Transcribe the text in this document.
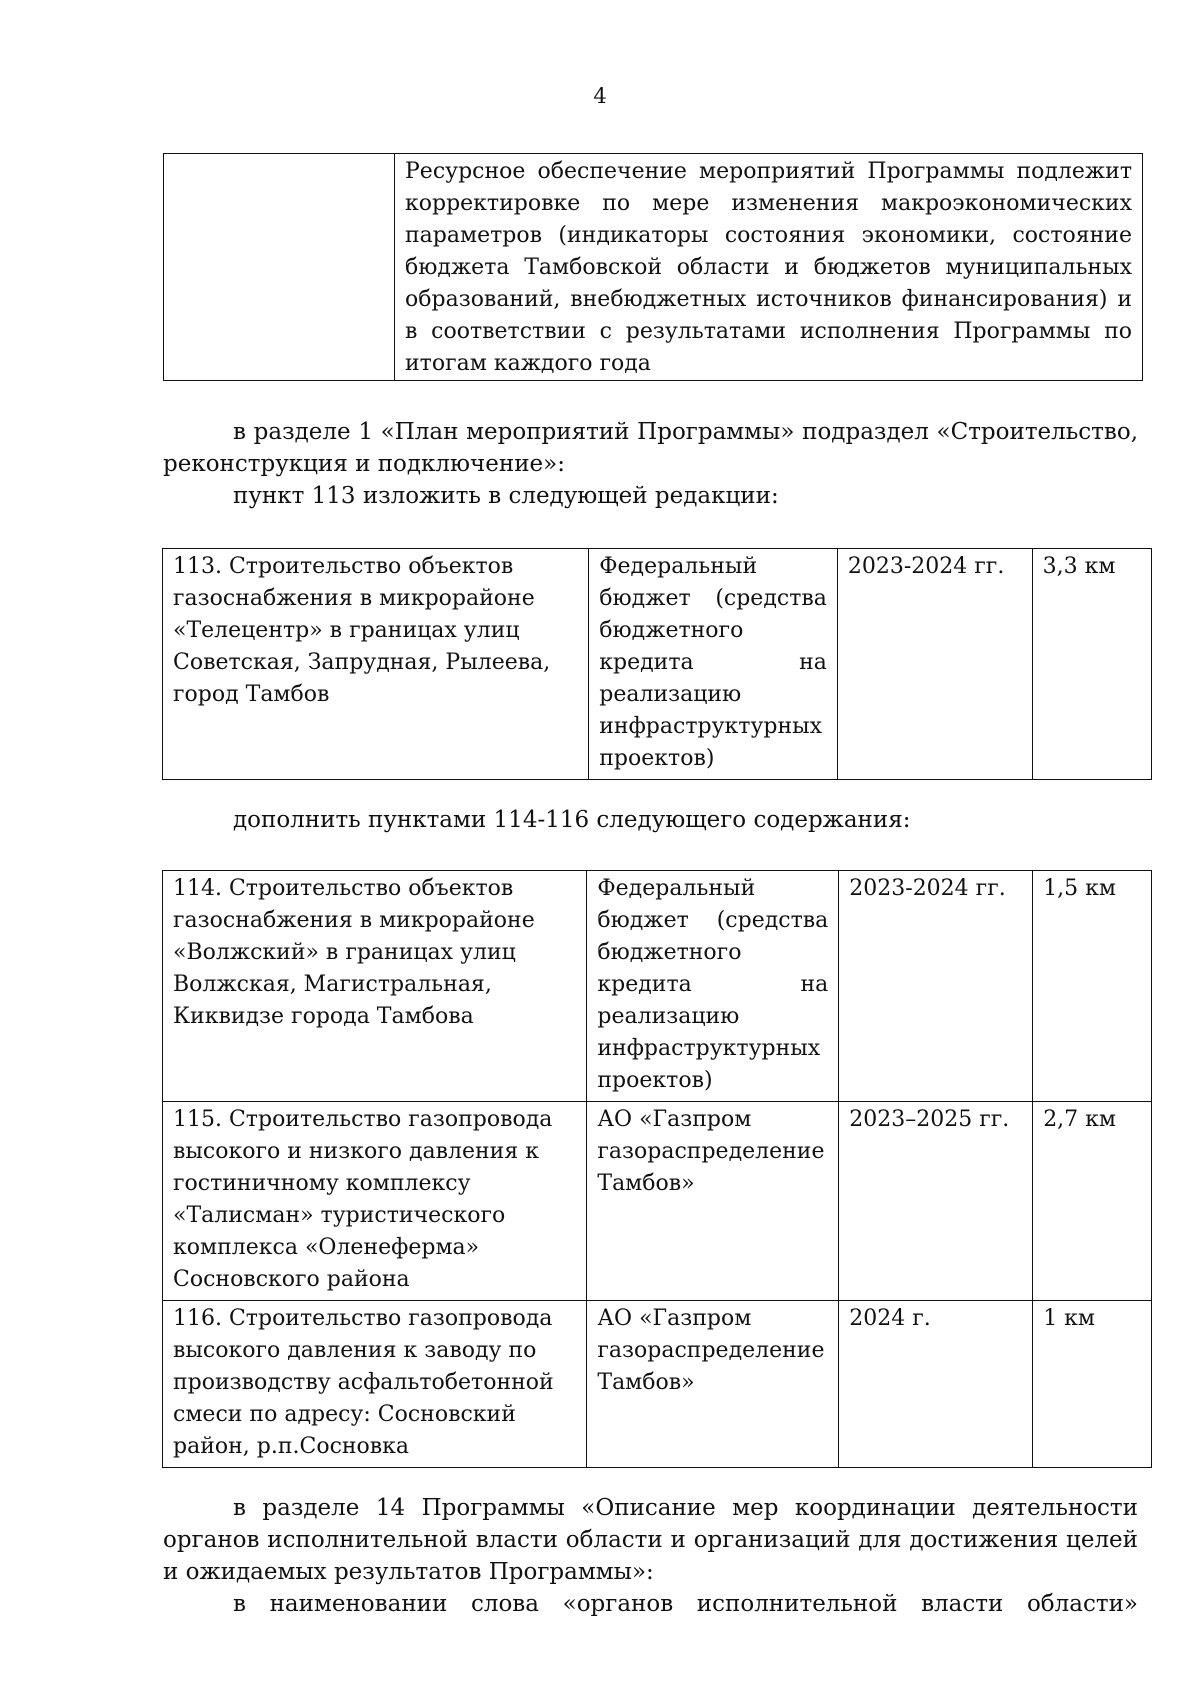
4
	Ресурсное обеспечение мероприятий Программы подлежит корректировке по мере изменения макроэкономических параметров (индикаторы состояния экономики, состояние бюджета Тамбовской области и бюджетов муниципальных образований, внебюджетных источников финансирования) и в соответствии с результатами исполнения Программы по итогам каждого года
в разделе 1 «План мероприятий Программы» подраздел «Строительство, реконструкция и подключение»:
пункт 113 изложить в следующей редакции:
113. Строительство объектов газоснабжения в микрорайоне «Телецентр» в границах улиц Советская, Запрудная, Рылеева, город Тамбов	Федеральный бюджет (средства бюджетного кредита на реализацию инфраструктурных проектов)	2023-2024 гг.	3,3 км
дополнить пунктами 114-116 следующего содержания:
114. Строительство объектов газоснабжения в микрорайоне «Волжский» в границах улиц Волжская, Магистральная, Киквидзе города Тамбова	Федеральный бюджет (средства бюджетного кредита на реализацию инфраструктурных проектов)	2023-2024 гг.	1,5 км
115. Строительство газопровода высокого и низкого давления к гостиничному комплексу «Талисман» туристического комплекса «Оленеферма» Сосновского района	АО «Газпром газораспределение Тамбов»	2023–2025 гг.	2,7 км
116. Строительство газопровода высокого давления к заводу по производству асфальтобетонной смеси по адресу: Сосновский район, р.п.Сосновка	АО «Газпром газораспределение Тамбов»	2024 г.	1 км
в разделе 14 Программы «Описание мер координации деятельности органов исполнительной власти области и организаций для достижения целей и ожидаемых результатов Программы»:
в наименовании слова «органов исполнительной власти области»
